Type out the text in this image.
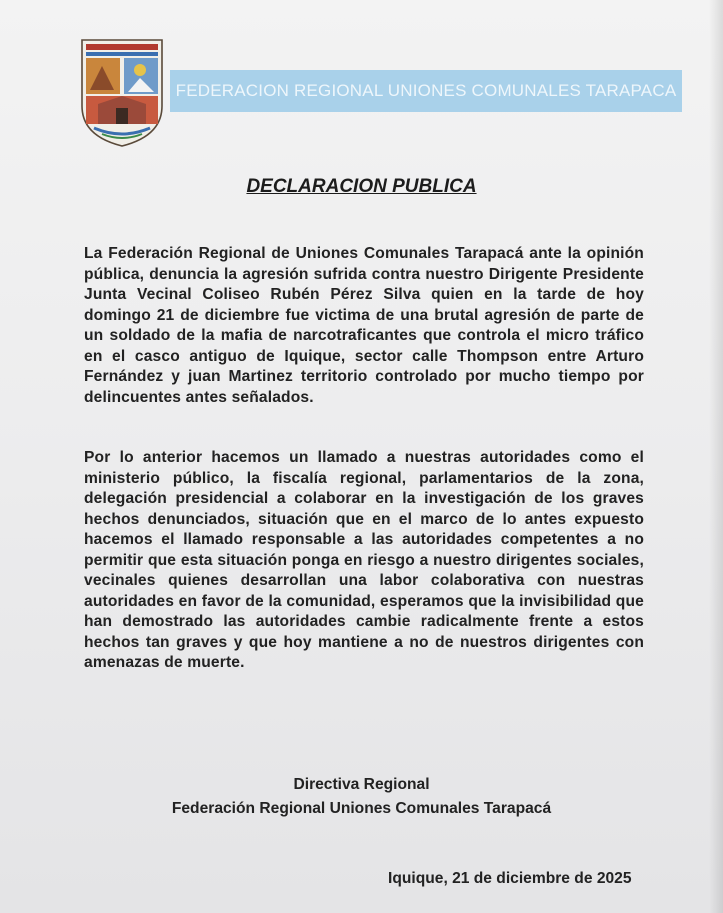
FEDERACION REGIONAL UNIONES COMUNALES TARAPACA
DECLARACION PUBLICA
La Federación Regional de Uniones Comunales Tarapacá ante la opinión pública, denuncia la agresión sufrida contra nuestro Dirigente Presidente Junta Vecinal Coliseo Rubén Pérez Silva quien en la tarde de hoy domingo 21 de diciembre fue victima de una brutal agresión de parte de un soldado de la mafia de narcotraficantes que controla el micro tráfico en el casco antiguo de Iquique, sector calle Thompson entre Arturo Fernández y juan Martinez territorio controlado por mucho tiempo por delincuentes antes señalados.
Por lo anterior hacemos un llamado a nuestras autoridades como el ministerio público, la fiscalía regional, parlamentarios de la zona, delegación presidencial a colaborar en la investigación de los graves hechos denunciados, situación que en el marco de lo antes expuesto hacemos el llamado responsable a las autoridades competentes a no permitir que esta situación ponga en riesgo a nuestro dirigentes sociales, vecinales quienes desarrollan una labor colaborativa con nuestras autoridades en favor de la comunidad, esperamos que la invisibilidad que han demostrado las autoridades cambie radicalmente frente a estos hechos tan graves y que hoy mantiene a no de nuestros dirigentes con amenazas de muerte.
Directiva Regional
Federación Regional Uniones Comunales Tarapacá
Iquique, 21 de diciembre de 2025
